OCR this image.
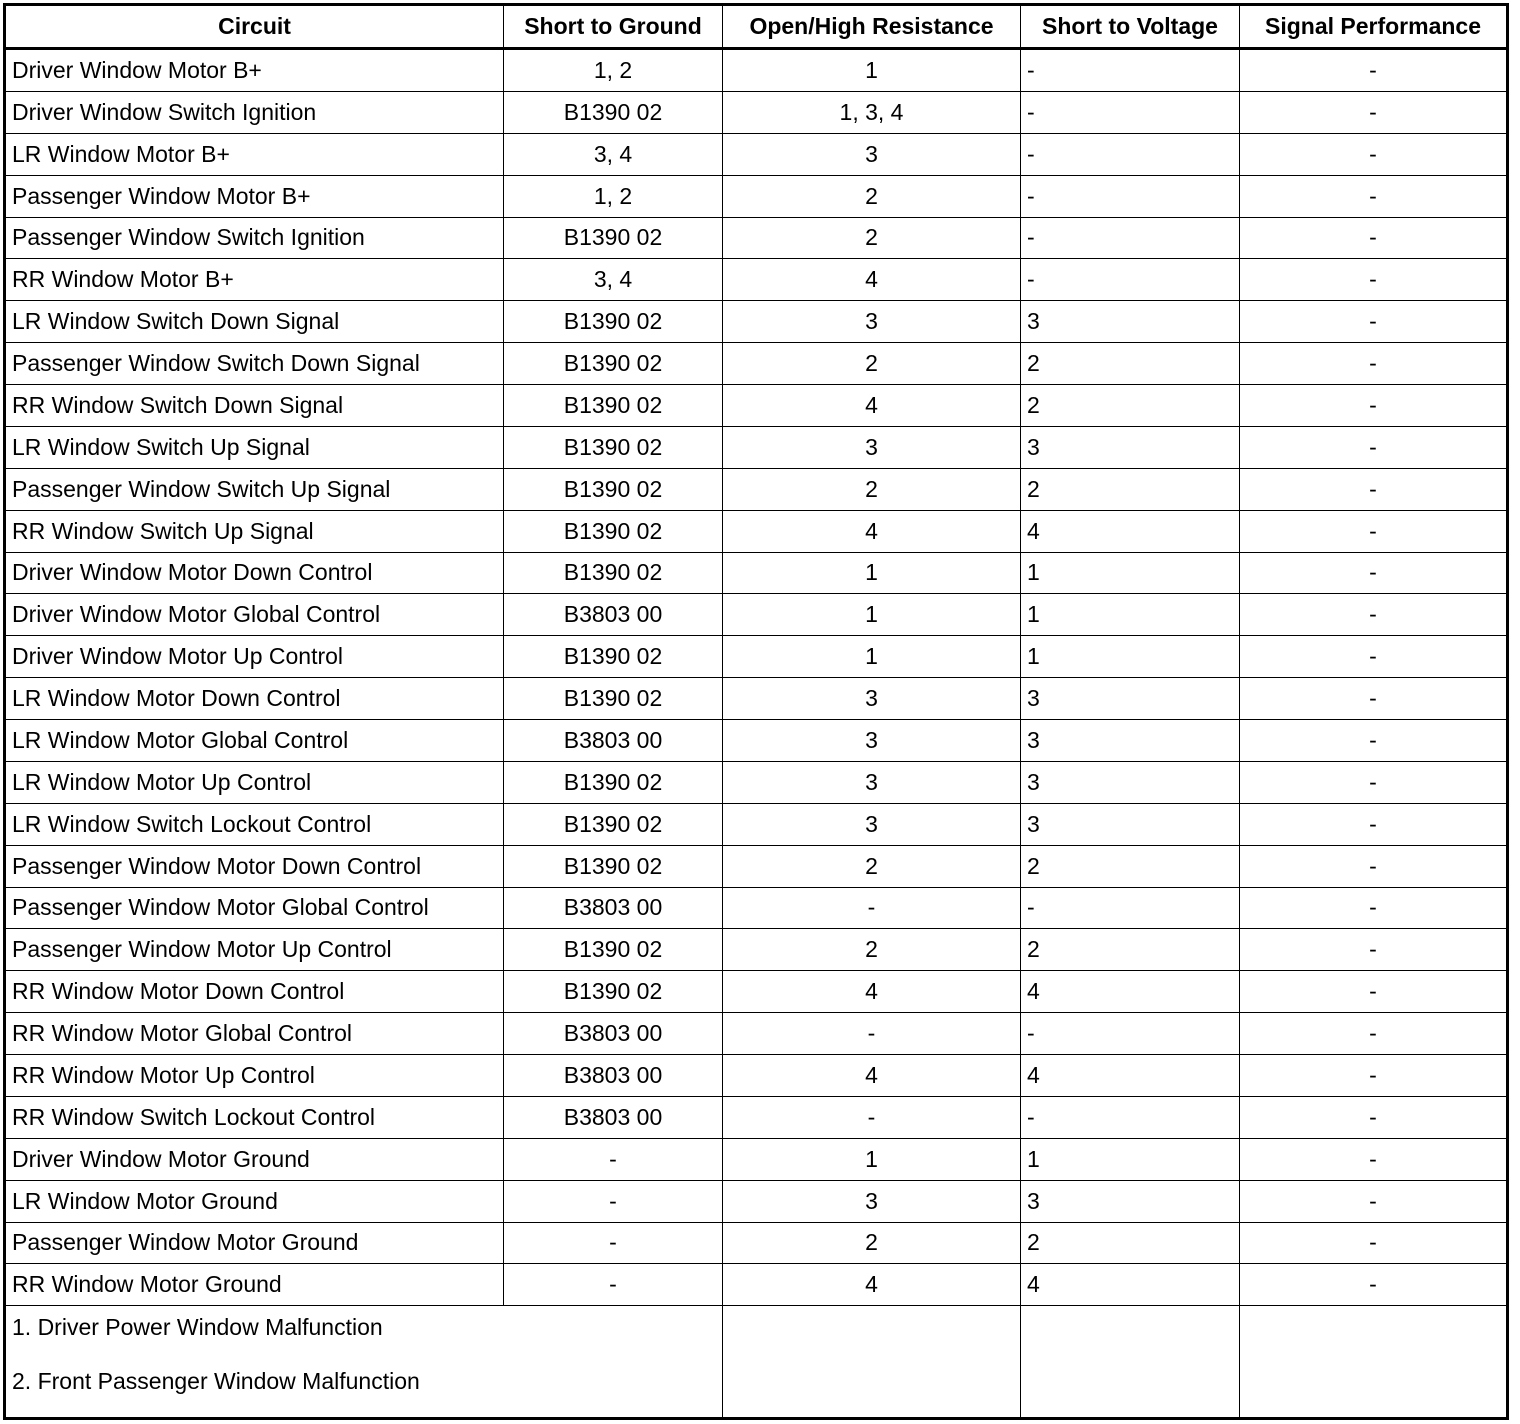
Circuit	Short to Ground	Open/High Resistance	Short to Voltage	Signal Performance
Driver Window Motor B+	1, 2	1	-	-
Driver Window Switch Ignition	B1390 02	1, 3, 4	-	-
LR Window Motor B+	3, 4	3	-	-
Passenger Window Motor B+	1, 2	2	-	-
Passenger Window Switch Ignition	B1390 02	2	-	-
RR Window Motor B+	3, 4	4	-	-
LR Window Switch Down Signal	B1390 02	3	3	-
Passenger Window Switch Down Signal	B1390 02	2	2	-
RR Window Switch Down Signal	B1390 02	4	2	-
LR Window Switch Up Signal	B1390 02	3	3	-
Passenger Window Switch Up Signal	B1390 02	2	2	-
RR Window Switch Up Signal	B1390 02	4	4	-
Driver Window Motor Down Control	B1390 02	1	1	-
Driver Window Motor Global Control	B3803 00	1	1	-
Driver Window Motor Up Control	B1390 02	1	1	-
LR Window Motor Down Control	B1390 02	3	3	-
LR Window Motor Global Control	B3803 00	3	3	-
LR Window Motor Up Control	B1390 02	3	3	-
LR Window Switch Lockout Control	B1390 02	3	3	-
Passenger Window Motor Down Control	B1390 02	2	2	-
Passenger Window Motor Global Control	B3803 00	-	-	-
Passenger Window Motor Up Control	B1390 02	2	2	-
RR Window Motor Down Control	B1390 02	4	4	-
RR Window Motor Global Control	B3803 00	-	-	-
RR Window Motor Up Control	B3803 00	4	4	-
RR Window Switch Lockout Control	B3803 00	-	-	-
Driver Window Motor Ground	-	1	1	-
LR Window Motor Ground	-	3	3	-
Passenger Window Motor Ground	-	2	2	-
RR Window Motor Ground	-	4	4	-

1. Driver Power Window Malfunction
2. Front Passenger Window Malfunction				
